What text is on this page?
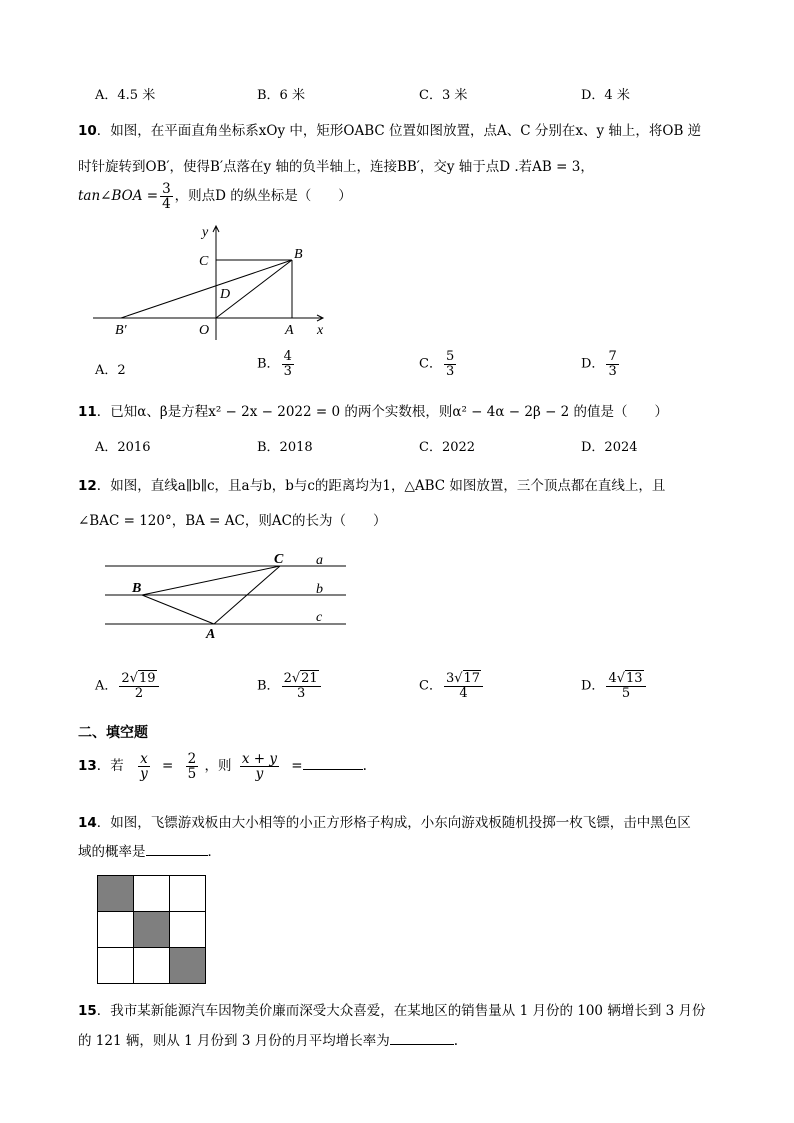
A．4.5 米	B．6 米	C．3 米	D．4 米
10．如图，在平面直角坐标系xOy 中，矩形OABC 位置如图放置，点A、C 分别在x、y 轴上，将OB 逆
时针旋转到OB′，使得B′点落在y 轴的负半轴上，连接BB′，交y 轴于点D .若AB = 3，
tan∠BOA = $\frac{3}{4}$ ，则点D 的纵坐标是（　　）
y
x
C	B
D
B′	O	A
A．2	B． $\frac{4}{3}$	C． $\frac{5}{3}$	D． $\frac{7}{3}$
11．已知α、β是方程x² − 2x − 2022 = 0 的两个实数根，则α² − 4α − 2β − 2 的值是（　　）
A．2016	B．2018	C．2022	D．2024
12．如图，直线a∥b∥c，且a与b，b与c的距离均为1，△ABC 如图放置，三个顶点都在直线上，且
∠BAC = 120°，BA = AC，则AC的长为（　　）
C a
B	b
c
A
A． $\frac{2√19}{2}$	B． $\frac{2√21}{3}$	C． $\frac{3√17}{4}$	D． $\frac{4√13}{5}$
二、填空题
13．若 $\frac{x}{y} = \frac{2}{5}$ ，则 $\frac{x + y}{y}$ =	.
14．如图，飞镖游戏板由大小相等的小正方形格子构成，小东向游戏板随机投掷一枚飞镖，击中黑色区
域的概率是	．
15．我市某新能源汽车因物美价廉而深受大众喜爱，在某地区的销售量从 1 月份的 100 辆增长到 3 月份
的 121 辆，则从 1 月份到 3 月份的月平均增长率为	.
